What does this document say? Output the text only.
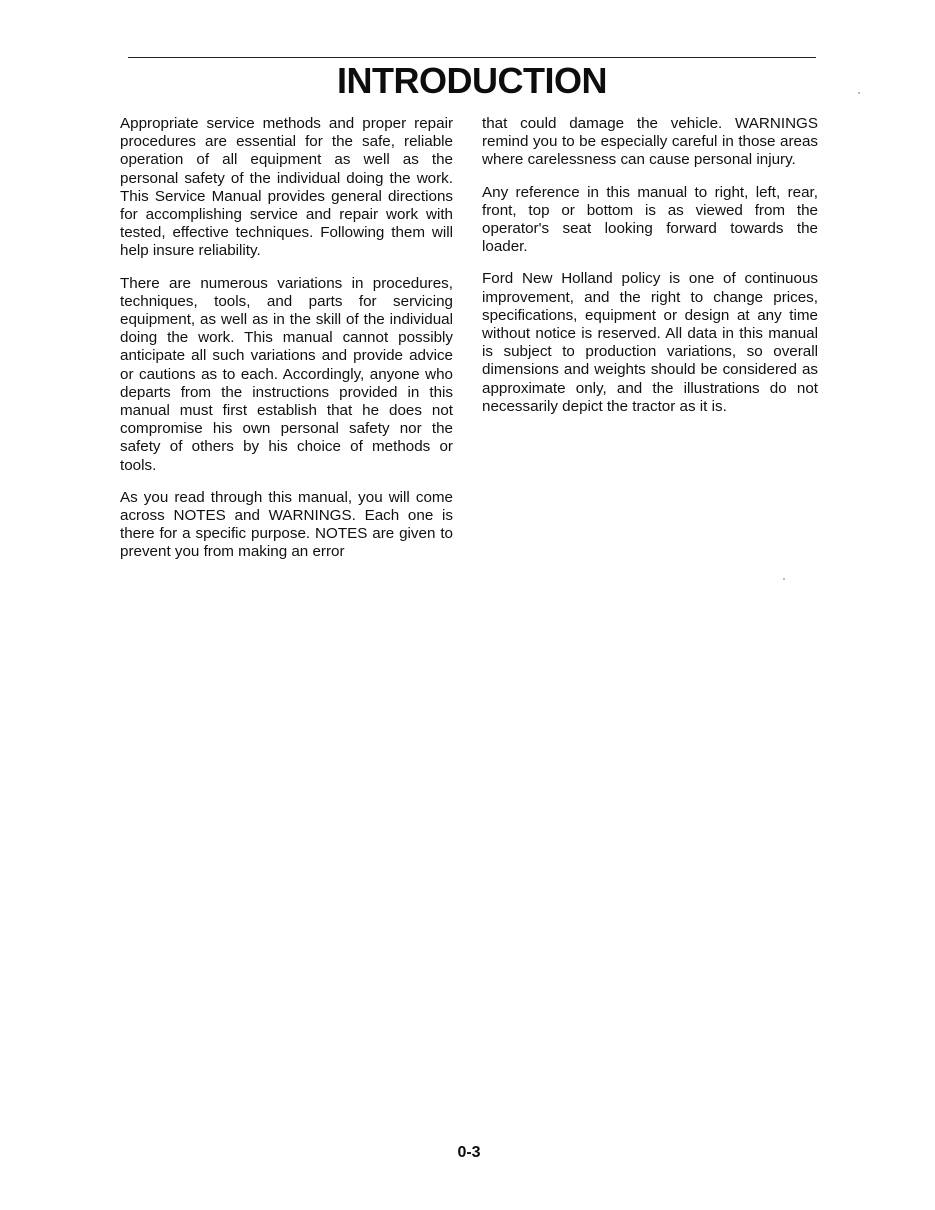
INTRODUCTION

Appropriate service methods and proper repair procedures are essential for the safe, reliable operation of all equipment as well as the personal safety of the individual doing the work. This Service Manual provides general directions for accomplishing service and repair work with tested, effective techniques. Following them will help insure reliability.

There are numerous variations in procedures, techniques, tools, and parts for servicing equipment, as well as in the skill of the individual doing the work. This manual cannot possibly anticipate all such variations and provide advice or cautions as to each. Accordingly, anyone who departs from the instructions provided in this manual must first establish that he does not compromise his own personal safety nor the safety of others by his choice of methods or tools.

As you read through this manual, you will come across NOTES and WARNINGS. Each one is there for a specific purpose. NOTES are given to prevent you from making an error

that could damage the vehicle. WARNINGS remind you to be especially careful in those areas where carelessness can cause personal injury.

Any reference in this manual to right, left, rear, front, top or bottom is as viewed from the operator's seat looking forward towards the loader.

Ford New Holland policy is one of continuous improvement, and the right to change prices, specifications, equipment or design at any time without notice is reserved. All data in this manual is subject to production variations, so overall dimensions and weights should be considered as approximate only, and the illustrations do not necessarily depict the tractor as it is.

0-3
